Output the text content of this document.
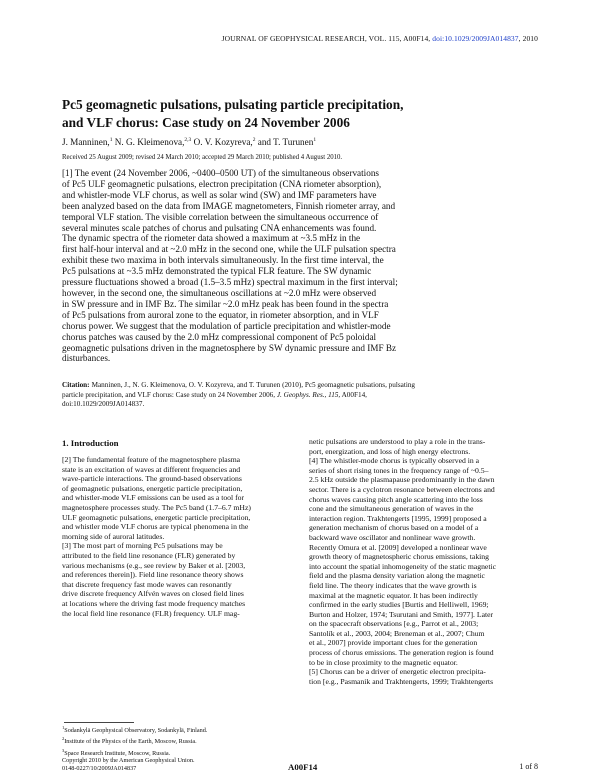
JOURNAL OF GEOPHYSICAL RESEARCH, VOL. 115, A00F14, doi:10.1029/2009JA014837, 2010
Pc5 geomagnetic pulsations, pulsating particle precipitation,
and VLF chorus: Case study on 24 November 2006
J. Manninen,$^1$ N. G. Kleimenova,$^{2,3}$ O. V. Kozyreva,$^2$ and T. Turunen$^1$
Received 25 August 2009; revised 24 March 2010; accepted 29 March 2010; published 4 August 2010.
[1] The event (24 November 2006, ~0400–0500 UT) of the simultaneous observations
of Pc5 ULF geomagnetic pulsations, electron precipitation (CNA riometer absorption),
and whistler-mode VLF chorus, as well as solar wind (SW) and IMF parameters have
been analyzed based on the data from IMAGE magnetometers, Finnish riometer array, and
temporal VLF station. The visible correlation between the simultaneous occurrence of
several minutes scale patches of chorus and pulsating CNA enhancements was found.
The dynamic spectra of the riometer data showed a maximum at ~3.5 mHz in the
first half-hour interval and at ~2.0 mHz in the second one, while the ULF pulsation spectra
exhibit these two maxima in both intervals simultaneously. In the first time interval, the
Pc5 pulsations at ~3.5 mHz demonstrated the typical FLR feature. The SW dynamic
pressure fluctuations showed a broad (1.5–3.5 mHz) spectral maximum in the first interval;
however, in the second one, the simultaneous oscillations at ~2.0 mHz were observed
in SW pressure and in IMF Bz. The similar ~2.0 mHz peak has been found in the spectra
of Pc5 pulsations from auroral zone to the equator, in riometer absorption, and in VLF
chorus power. We suggest that the modulation of particle precipitation and whistler-mode
chorus patches was caused by the 2.0 mHz compressional component of Pc5 poloidal
geomagnetic pulsations driven in the magnetosphere by SW dynamic pressure and IMF Bz
disturbances.
Citation: Manninen, J., N. G. Kleimenova, O. V. Kozyreva, and T. Turunen (2010), Pc5 geomagnetic pulsations, pulsating
particle precipitation, and VLF chorus: Case study on 24 November 2006, J. Geophys. Res., 115, A00F14,
doi:10.1029/2009JA014837.
1. Introduction
[2] The fundamental feature of the magnetosphere plasma
state is an excitation of waves at different frequencies and
wave-particle interactions. The ground-based observations
of geomagnetic pulsations, energetic particle precipitation,
and whistler-mode VLF emissions can be used as a tool for
magnetosphere processes study. The Pc5 band (1.7–6.7 mHz)
ULF geomagnetic pulsations, energetic particle precipitation,
and whistler mode VLF chorus are typical phenomena in the
morning side of auroral latitudes.
[3] The most part of morning Pc5 pulsations may be
attributed to the field line resonance (FLR) generated by
various mechanisms (e.g., see review by Baker et al. [2003,
and references therein]). Field line resonance theory shows
that discrete frequency fast mode waves can resonantly
drive discrete frequency Alfvén waves on closed field lines
at locations where the driving fast mode frequency matches
the local field line resonance (FLR) frequency. ULF mag-
netic pulsations are understood to play a role in the trans-
port, energization, and loss of high energy electrons.
[4] The whistler-mode chorus is typically observed in a
series of short rising tones in the frequency range of ~0.5–
2.5 kHz outside the plasmapause predominantly in the dawn
sector. There is a cyclotron resonance between electrons and
chorus waves causing pitch angle scattering into the loss
cone and the simultaneous generation of waves in the
interaction region. Trakhtengerts [1995, 1999] proposed a
generation mechanism of chorus based on a model of a
backward wave oscillator and nonlinear wave growth.
Recently Omura et al. [2009] developed a nonlinear wave
growth theory of magnetospheric chorus emissions, taking
into account the spatial inhomogeneity of the static magnetic
field and the plasma density variation along the magnetic
field line. The theory indicates that the wave growth is
maximal at the magnetic equator. It has been indirectly
confirmed in the early studies [Burtis and Helliwell, 1969;
Burton and Holzer, 1974; Tsurutani and Smith, 1977]. Later
on the spacecraft observations [e.g., Parrot et al., 2003;
Santolík et al., 2003, 2004; Breneman et al., 2007; Chum
et al., 2007] provide important clues for the generation
process of chorus emissions. The generation region is found
to be in close proximity to the magnetic equator.
[5] Chorus can be a driver of energetic electron precipita-
tion [e.g., Pasmanik and Trakhtengerts, 1999; Trakhtengerts
$^1$Sodankylä Geophysical Observatory, Sodankylä, Finland.
$^2$Institute of the Physics of the Earth, Moscow, Russia.
$^3$Space Research Institute, Moscow, Russia.
Copyright 2010 by the American Geophysical Union.
0148-0227/10/2009JA014837	A00F14	1 of 8
